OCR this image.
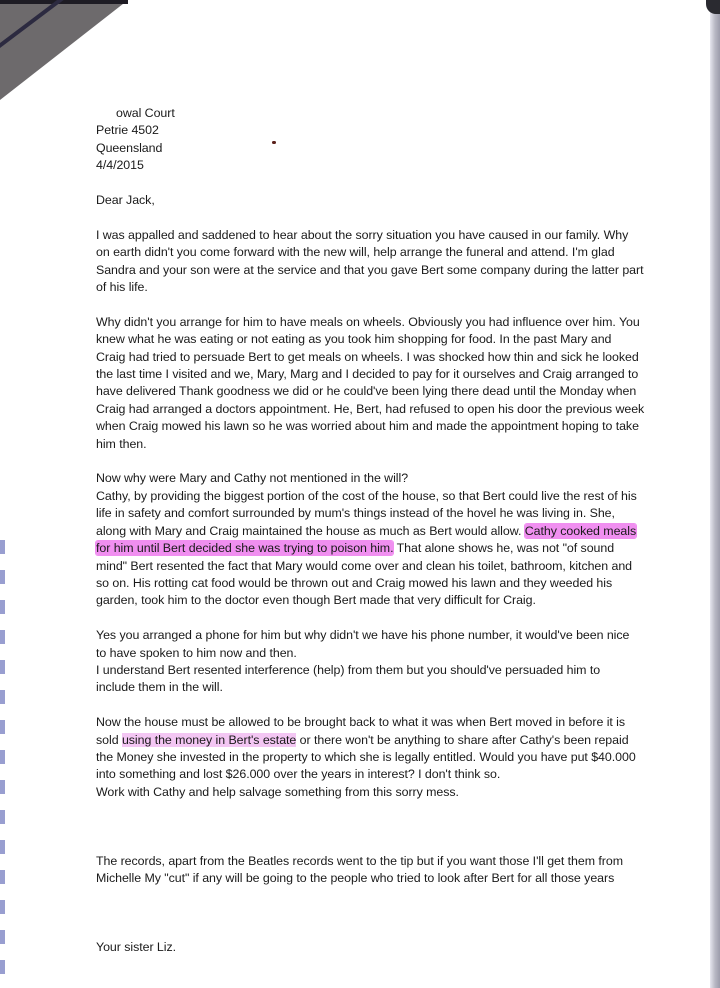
owal Court
Petrie 4502
Queensland
4/4/2015
Dear Jack,
I was appalled and saddened to hear about the sorry situation you have caused in our family. Why
on earth didn't you come forward with the new will, help arrange the funeral and attend. I'm glad
Sandra and your son were at the service and that you gave Bert some company during the latter part
of his life.
Why didn't you arrange for him to have meals on wheels. Obviously you had influence over him. You
knew what he was eating or not eating as you took him shopping for food. In the past Mary and
Craig had tried to persuade Bert to get meals on wheels. I was shocked how thin and sick he looked
the last time I visited and we, Mary, Marg and I decided to pay for it ourselves and Craig arranged to
have delivered Thank goodness we did or he could've been lying there dead until the Monday when
Craig had arranged a doctors appointment. He, Bert, had refused to open his door the previous week
when Craig mowed his lawn so he was worried about him and made the appointment hoping to take
him then.
Now why were Mary and Cathy not mentioned in the will?
Cathy, by providing the biggest portion of the cost of the house, so that Bert could live the rest of his
life in safety and comfort surrounded by mum's things instead of the hovel he was living in. She,
along with Mary and Craig maintained the house as much as Bert would allow. Cathy cooked meals
for him until Bert decided she was trying to poison him. That alone shows he, was not "of sound
mind" Bert resented the fact that Mary would come over and clean his toilet, bathroom, kitchen and
so on. His rotting cat food would be thrown out and Craig mowed his lawn and they weeded his
garden, took him to the doctor even though Bert made that very difficult for Craig.
Yes you arranged a phone for him but why didn't we have his phone number, it would've been nice
to have spoken to him now and then.
I understand Bert resented interference (help) from them but you should've persuaded him to
include them in the will.
Now the house must be allowed to be brought back to what it was when Bert moved in before it is
sold using the money in Bert's estate or there won't be anything to share after Cathy's been repaid
the Money she invested in the property to which she is legally entitled. Would you have put $40.000
into something and lost $26.000 over the years in interest? I don't think so.
Work with Cathy and help salvage something from this sorry mess.
The records, apart from the Beatles records went to the tip but if you want those I'll get them from
Michelle My "cut" if any will be going to the people who tried to look after Bert for all those years
Your sister Liz.
